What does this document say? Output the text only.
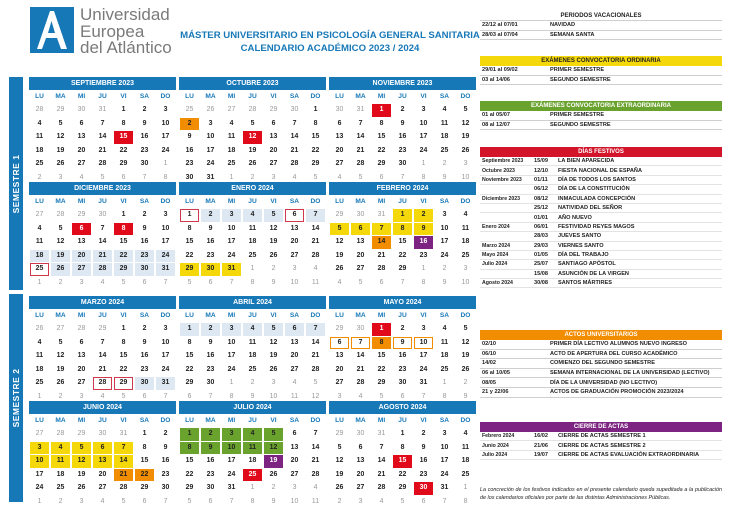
Universidad
Europea
del Atlántico
MÁSTER UNIVERSITARIO EN PSICOLOGÍA GENERAL SANITARIA
CALENDARIO ACADÉMICO 2023 / 2024
SEMESTRE 1
SEMESTRE 2
SEPTIEMBRE 2023
LU	MA	MI	JU	VI	SA	DO
28	29	30	31	1	2	3
4	5	6	7	8	9	10
11	12	13	14	15	16	17
18	19	20	21	22	23	24
25	26	27	28	29	30	1
2	3	4	5	6	7	8
OCTUBRE 2023
LU	MA	MI	JU	VI	SA	DO
25	26	27	28	29	30	1
2	3	4	5	6	7	8
9	10	11	12	13	14	15
16	17	18	19	20	21	22
23	24	25	26	27	28	29
30	31	1	2	3	4	5
NOVIEMBRE 2023
LU	MA	MI	JU	VI	SA	DO
30	31	1	2	3	4	5
6	7	8	9	10	11	12
13	14	15	16	17	18	19
20	21	22	23	24	25	26
27	28	29	30	1	2	3
4	5	6	7	8	9	10
DICIEMBRE 2023
LU	MA	MI	JU	VI	SA	DO
27	28	29	30	1	2	3
4	5	6	7	8	9	10
11	12	13	14	15	16	17
18	19	20	21	22	23	24
25	26	27	28	29	30	31
1	2	3	4	5	6	7
ENERO 2024
LU	MA	MI	JU	VI	SA	DO
1	2	3	4	5	6	7
8	9	10	11	12	13	14
15	16	17	18	19	20	21
22	23	24	25	26	27	28
29	30	31	1	2	3	4
5	6	7	8	9	10	11
FEBRERO 2024
LU	MA	MI	JU	VI	SA	DO
29	30	31	1	2	3	4
5	6	7	8	9	10	11
12	13	14	15	16	17	18
19	20	21	22	23	24	25
26	27	28	29	1	2	3
4	5	6	7	8	9	10
MARZO 2024
LU	MA	MI	JU	VI	SA	DO
26	27	28	29	1	2	3
4	5	6	7	8	9	10
11	12	13	14	15	16	17
18	19	20	21	22	23	24
25	26	27	28	29	30	31
1	2	3	4	5	6	7
ABRIL 2024
LU	MA	MI	JU	VI	SA	DO
1	2	3	4	5	6	7
8	9	10	11	12	13	14
15	16	17	18	19	20	21
22	23	24	25	26	27	28
29	30	1	2	3	4	5
6	7	8	9	10	11	12
MAYO 2024
LU	MA	MI	JU	VI	SA	DO
29	30	1	2	3	4	5
6	7	8	9	10	11	12
13	14	15	16	17	18	19
20	21	22	23	24	25	26
27	28	29	30	31	1	2
3	4	5	6	7	8	9
JUNIO 2024
LU	MA	MI	JU	VI	SA	DO
27	28	29	30	31	1	2
3	4	5	6	7	8	9
10	11	12	13	14	15	16
17	18	19	20	21	22	23
24	25	26	27	28	29	30
1	2	3	4	5	6	7
JULIO 2024
LU	MA	MI	JU	VI	SA	DO
1	2	3	4	5	6	7
8	9	10	11	12	13	14
15	16	17	18	19	20	21
22	23	24	25	26	27	28
29	30	31	1	2	3	4
5	6	7	8	9	10	11
AGOSTO 2024
LU	MA	MI	JU	VI	SA	DO
29	30	31	1	2	3	4
5	6	7	8	9	10	11
12	13	14	15	16	17	18
19	20	21	22	23	24	25
26	27	28	29	30	31	1
2	3	4	5	6	7	8
PERIODOS VACACIONALES
22/12 al 07/01	NAVIDAD
28/03 al 07/04	SEMANA SANTA
EXÁMENES CONVOCATORIA ORDINARIA
29/01 al 09/02	PRIMER SEMESTRE
03 al 14/06	SEGUNDO SEMESTRE
EXÁMENES CONVOCATORIA EXTRAORDINARIA
01 al 05/07	PRIMER SEMESTRE
08 al 12/07	SEGUNDO SEMESTRE
DÍAS FESTIVOS
Septiembre 2023	15/09	LA BIEN APARECIDA
Octubre 2023	12/10	FIESTA NACIONAL DE ESPAÑA
Noviembre 2023	01/11	DÍA DE TODOS LOS SANTOS
06/12	DÍA DE LA CONSTITUCIÓN
Diciembre 2023	08/12	INMACULADA CONCEPCIÓN
25/12	NATIVIDAD DEL SEÑOR
01/01	AÑO NUEVO
Enero 2024	06/01	FESTIVIDAD REYES MAGOS
28/03	JUEVES SANTO
Marzo 2024	29/03	VIERNES SANTO
Mayo 2024	01/05	DÍA DEL TRABAJO
Julio 2024	25/07	SANTIAGO APÓSTOL
15/08	ASUNCIÓN DE LA VIRGEN
Agosto 2024	30/08	SANTOS MÁRTIRES
ACTOS UNIVERSITARIOS
02/10	PRIMER DÍA LECTIVO ALUMNOS NUEVO INGRESO
06/10	ACTO DE APERTURA DEL CURSO ACADÉMICO
14/02	COMIENZO DEL SEGUNDO SEMESTRE
06 al 10/05	SEMANA INTERNACIONAL DE LA UNIVERSIDAD (LECTIVO)
08/05	DÍA DE LA UNIVERSIDAD (NO LECTIVO)
21 y 22/06	ACTOS DE GRADUACIÓN PROMOCIÓN 2023/2024
CIERRE DE ACTAS
Febrero 2024	16/02	CIERRE DE ACTAS SEMESTRE 1
Junio 2024	21/06	CIERRE DE ACTAS SEMESTRE 2
Julio 2024	19/07	CIERRE DE ACTAS EVALUACIÓN EXTRAORDINARIA
La concreción de los festivos indicados en el presente calendario queda supeditada a la publicación de los calendarios oficiales por parte de las distintas Administraciones Públicas.
